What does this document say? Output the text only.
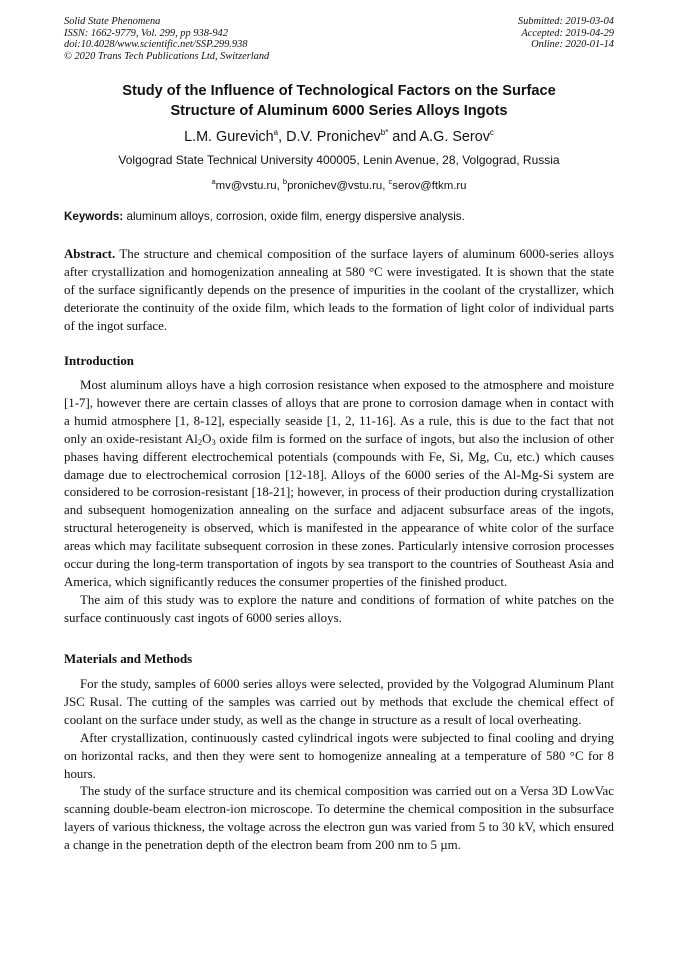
Solid State Phenomena
ISSN: 1662-9779, Vol. 299, pp 938-942
doi:10.4028/www.scientific.net/SSP.299.938
© 2020 Trans Tech Publications Ltd, Switzerland
Submitted: 2019-03-04
Accepted: 2019-04-29
Online: 2020-01-14
Study of the Influence of Technological Factors on the Surface
Structure of Aluminum 6000 Series Alloys Ingots
L.M. Gurevich$^a$, D.V. Pronichev$^{b*}$ and A.G. Serov$^c$
Volgograd State Technical University 400005, Lenin Avenue, 28, Volgograd, Russia
$^a$mv@vstu.ru, $^b$pronichev@vstu.ru, $^c$serov@ftkm.ru
Keywords: aluminum alloys, corrosion, oxide film, energy dispersive analysis.

Abstract. The structure and chemical composition of the surface layers of aluminum 6000-series alloys after crystallization and homogenization annealing at 580 °C were investigated. It is shown that the state of the surface significantly depends on the presence of impurities in the coolant of the crystallizer, which deteriorate the continuity of the oxide film, which leads to the formation of light color of individual parts of the ingot surface.

Introduction

Most aluminum alloys have a high corrosion resistance when exposed to the atmosphere and moisture [1-7], however there are certain classes of alloys that are prone to corrosion damage when in contact with a humid atmosphere [1, 8-12], especially seaside [1, 2, 11-16]. As a rule, this is due to the fact that not only an oxide-resistant $Al_2O_3$ oxide film is formed on the surface of ingots, but also the inclusion of other phases having different electrochemical potentials (compounds with Fe, Si, Mg, Cu, etc.) which causes damage due to electrochemical corrosion [12-18]. Alloys of the 6000 series of the Al-Mg-Si system are considered to be corrosion-resistant [18-21]; however, in process of their production during crystallization and subsequent homogenization annealing on the surface and adjacent subsurface areas of the ingots, structural heterogeneity is observed, which is manifested in the appearance of white color of the surface areas which may facilitate subsequent corrosion in these zones. Particularly intensive corrosion processes occur during the long-term transportation of ingots by sea transport to the countries of Southeast Asia and America, which significantly reduces the consumer properties of the finished product.

The aim of this study was to explore the nature and conditions of formation of white patches on the surface continuously cast ingots of 6000 series alloys.

Materials and Methods

For the study, samples of 6000 series alloys were selected, provided by the Volgograd Aluminum Plant JSC Rusal. The cutting of the samples was carried out by methods that exclude the chemical effect of coolant on the surface under study, as well as the change in structure as a result of local overheating.

After crystallization, continuously casted cylindrical ingots were subjected to final cooling and drying on horizontal racks, and then they were sent to homogenize annealing at a temperature of 580 °C for 8 hours.

The study of the surface structure and its chemical composition was carried out on a Versa 3D LowVac scanning double-beam electron-ion microscope. To determine the chemical composition in the subsurface layers of various thickness, the voltage across the electron gun was varied from 5 to 30 kV, which ensured a change in the penetration depth of the electron beam from 200 nm to 5 µm.
